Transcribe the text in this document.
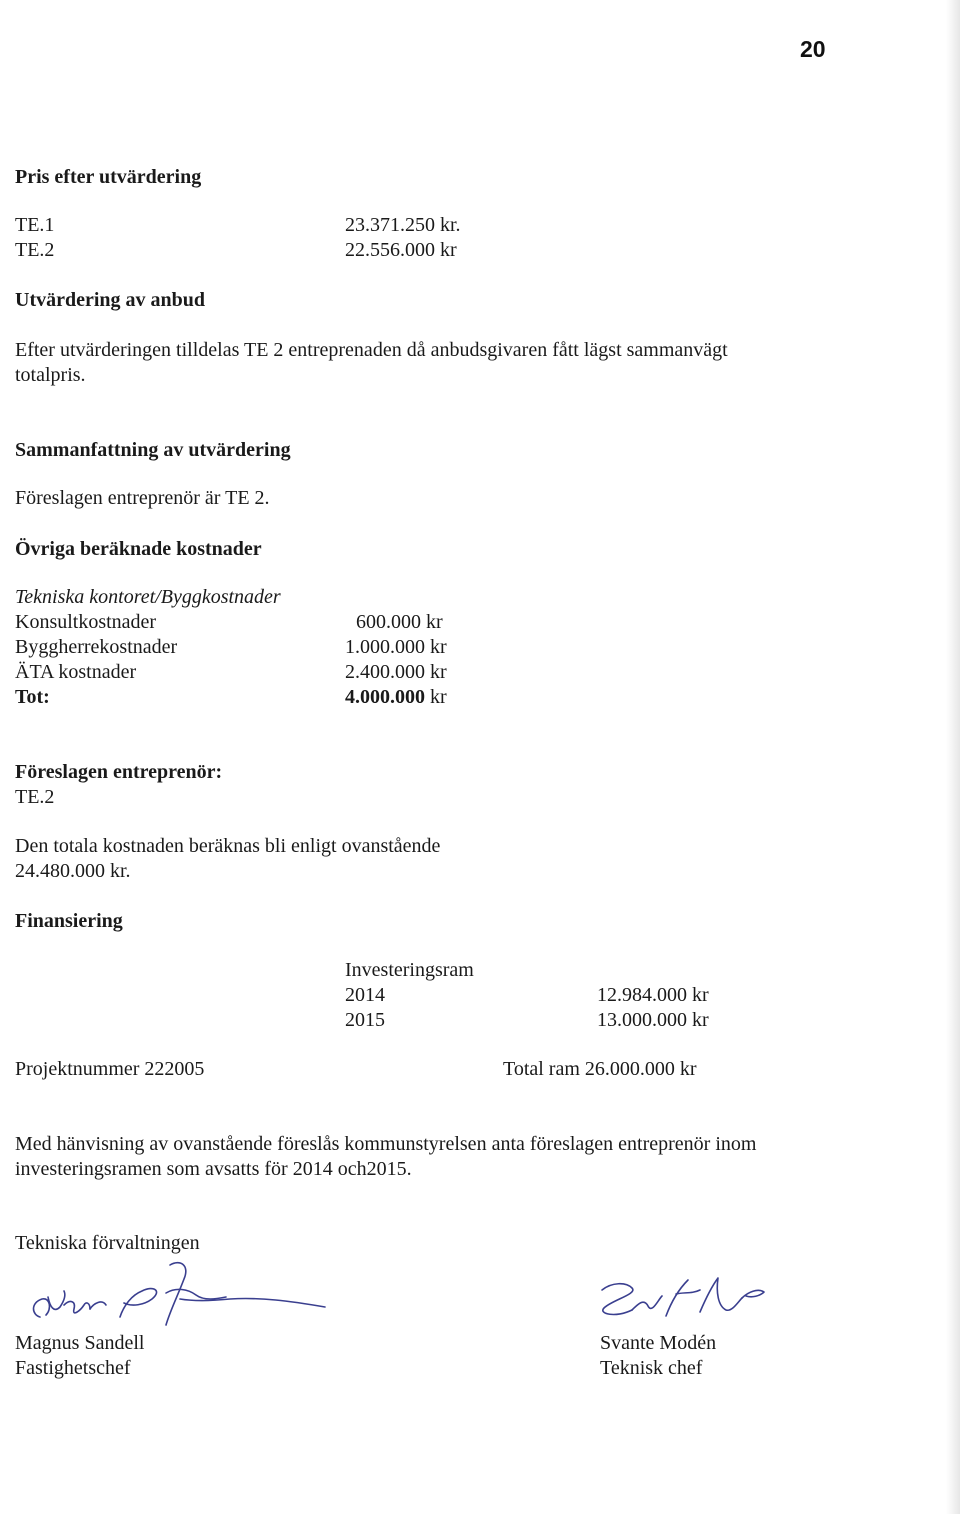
20
Pris efter utvärdering
TE.1	23.371.250 kr.
TE.2	22.556.000 kr
Utvärdering av anbud
Efter utvärderingen tilldelas TE 2 entreprenaden då anbudsgivaren fått lägst sammanvägt
totalpris.
Sammanfattning av utvärdering
Föreslagen entreprenör är TE 2.
Övriga beräknade kostnader
Tekniska kontoret/Byggkostnader
Konsultkostnader	600.000 kr
Byggherrekostnader	1.000.000 kr
ÄTA kostnader	2.400.000 kr
Tot:	4.000.000 kr
Föreslagen entreprenör:
TE.2
Den totala kostnaden beräknas bli enligt ovanstående
24.480.000 kr.
Finansiering
Investeringsram
2014	12.984.000 kr
2015	13.000.000 kr
Projektnummer 222005	Total ram 26.000.000 kr
Med hänvisning av ovanstående föreslås kommunstyrelsen anta föreslagen entreprenör inom
investeringsramen som avsatts för 2014 och2015.
Tekniska förvaltningen
Magnus Sandell
Fastighetschef
Svante Modén
Teknisk chef
